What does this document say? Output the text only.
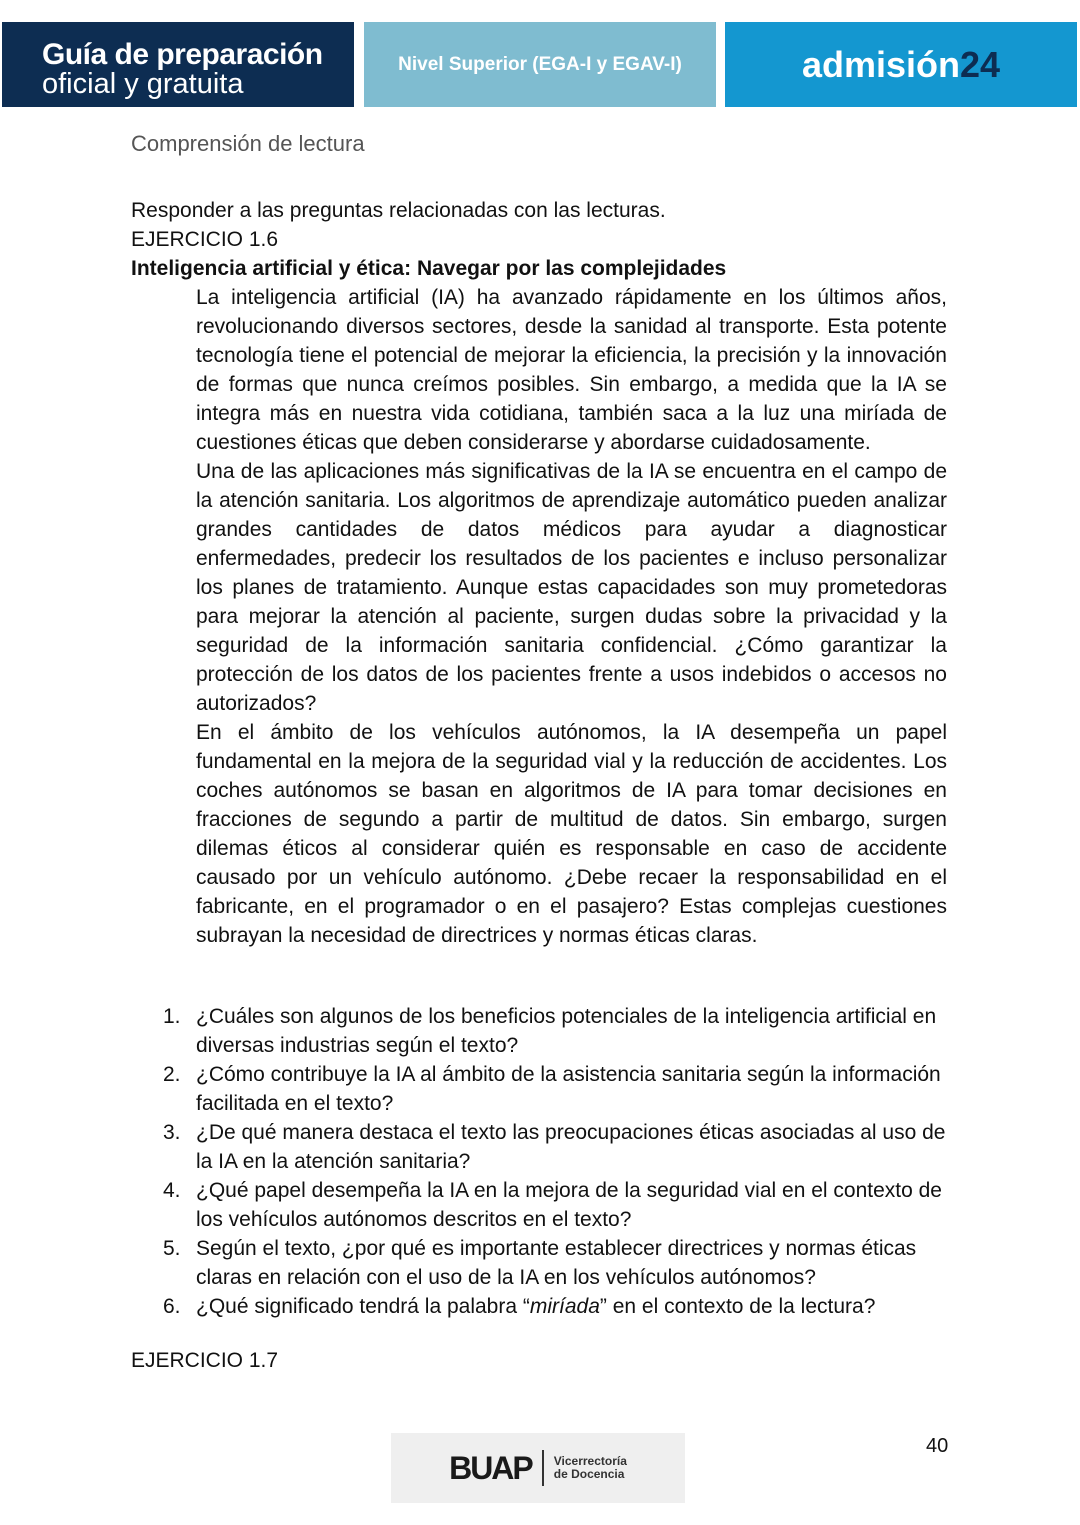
Guía de preparación
oficial y gratuita
Nivel Superior (EGA-I y EGAV-I)	admisión 24
Comprensión de lectura
Responder a las preguntas relacionadas con las lecturas.
EJERCICIO 1.6
Inteligencia artificial y ética: Navegar por las complejidades
La inteligencia artificial (IA) ha avanzado rápidamente en los últimos años, revolucionando diversos sectores, desde la sanidad al transporte. Esta potente tecnología tiene el potencial de mejorar la eficiencia, la precisión y la innovación de formas que nunca creímos posibles. Sin embargo, a medida que la IA se integra más en nuestra vida cotidiana, también saca a la luz una miríada de cuestiones éticas que deben considerarse y abordarse cuidadosamente.
Una de las aplicaciones más significativas de la IA se encuentra en el campo de la atención sanitaria. Los algoritmos de aprendizaje automático pueden analizar grandes cantidades de datos médicos para ayudar a diagnosticar enfermedades, predecir los resultados de los pacientes e incluso personalizar los planes de tratamiento. Aunque estas capacidades son muy prometedoras para mejorar la atención al paciente, surgen dudas sobre la privacidad y la seguridad de la información sanitaria confidencial. ¿Cómo garantizar la protección de los datos de los pacientes frente a usos indebidos o accesos no autorizados?
En el ámbito de los vehículos autónomos, la IA desempeña un papel fundamental en la mejora de la seguridad vial y la reducción de accidentes. Los coches autónomos se basan en algoritmos de IA para tomar decisiones en fracciones de segundo a partir de multitud de datos. Sin embargo, surgen dilemas éticos al considerar quién es responsable en caso de accidente causado por un vehículo autónomo. ¿Debe recaer la responsabilidad en el fabricante, en el programador o en el pasajero? Estas complejas cuestiones subrayan la necesidad de directrices y normas éticas claras.
1. ¿Cuáles son algunos de los beneficios potenciales de la inteligencia artificial en diversas industrias según el texto?
2. ¿Cómo contribuye la IA al ámbito de la asistencia sanitaria según la información facilitada en el texto?
3. ¿De qué manera destaca el texto las preocupaciones éticas asociadas al uso de la IA en la atención sanitaria?
4. ¿Qué papel desempeña la IA en la mejora de la seguridad vial en el contexto de los vehículos autónomos descritos en el texto?
5. Según el texto, ¿por qué es importante establecer directrices y normas éticas claras en relación con el uso de la IA en los vehículos autónomos?
6. ¿Qué significado tendrá la palabra “miríada” en el contexto de la lectura?
EJERCICIO 1.7
BUAP Vicerrectoría
de Docencia
40
